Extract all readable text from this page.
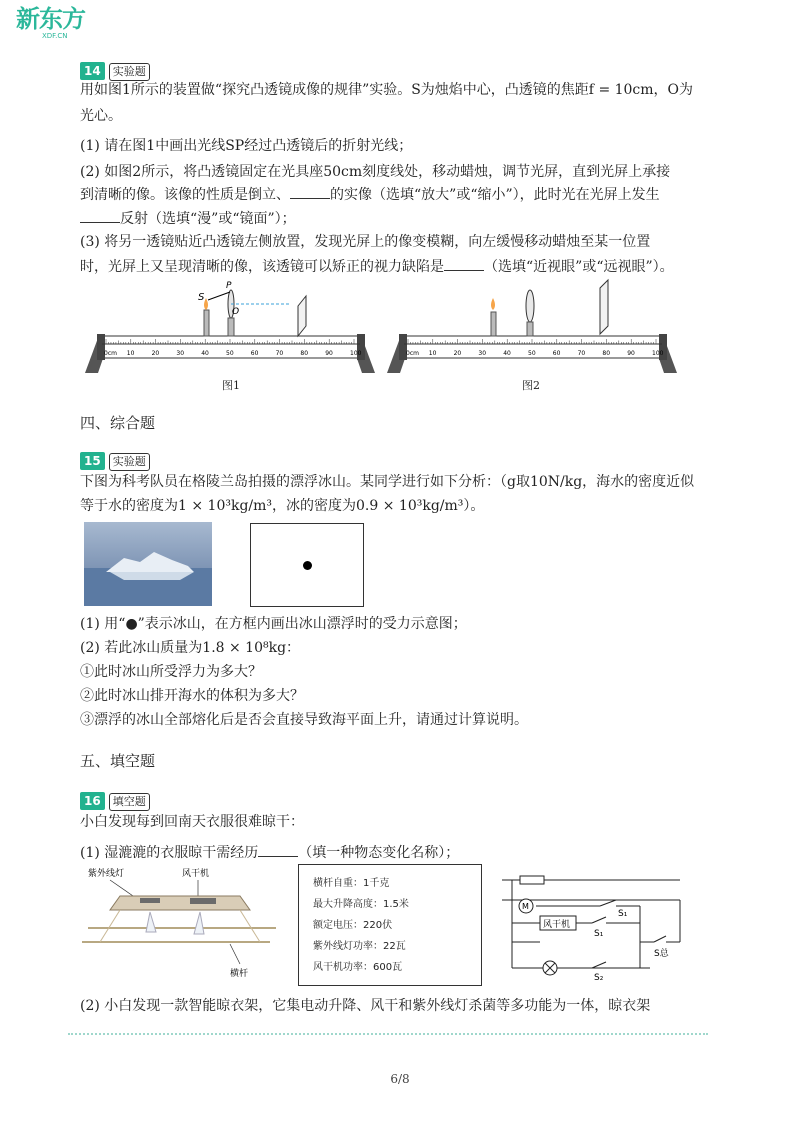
新东方
XDF.CN
14 实验题
用如图1所示的装置做“探究凸透镜成像的规律”实验。S为烛焰中心，凸透镜的焦距f = 10cm，O为
光心。
(1) 请在图1中画出光线SP经过凸透镜后的折射光线；
(2) 如图2所示，将凸透镜固定在光具座50cm刻度线处，移动蜡烛，调节光屏，直到光屏上承接
到清晰的像。该像的性质是倒立、	的实像（选填“放大”或“缩小”），此时光在光屏上发生
反射（选填“漫”或“镜面”）；
(3) 将另一透镜贴近凸透镜左侧放置，发现光屏上的像变模糊，向左缓慢移动蜡烛至某一位置
时，光屏上又呈现清晰的像，该透镜可以矫正的视力缺陷是	（选填“近视眼”或“远视眼”）。
10	20	30	40	50	60	70	80	90	100
0cm
S
P
O
图1
10	20	30	40	50	60	70	80	90	100
0cm
图2
四、综合题
15 实验题
下图为科考队员在格陵兰岛拍摄的漂浮冰山。某同学进行如下分析：（g取10N/kg，海水的密度近似
等于水的密度为1 × 10³kg/m³，冰的密度为0.9 × 10³kg/m³）。
(1) 用“●”表示冰山，在方框内画出冰山漂浮时的受力示意图；
(2) 若此冰山质量为1.8 × 10⁸kg：
①此时冰山所受浮力为多大？
②此时冰山排开海水的体积为多大？
③漂浮的冰山全部熔化后是否会直接导致海平面上升，请通过计算说明。
五、填空题
16 填空题
小白发现每到回南天衣服很难晾干：
(1) 湿漉漉的衣服晾干需经历	（填一种物态变化名称）；
紫外线灯	风干机
横杆
横杆自重：1千克
最大升降高度：1.5米
额定电压：220伏
紫外线灯功率：22瓦
风干机功率：600瓦
M
风干机
S₁
S₁
S₂
S总
(2) 小白发现一款智能晾衣架，它集电动升降、风干和紫外线灯杀菌等多功能为一体，晾衣架
6/8
